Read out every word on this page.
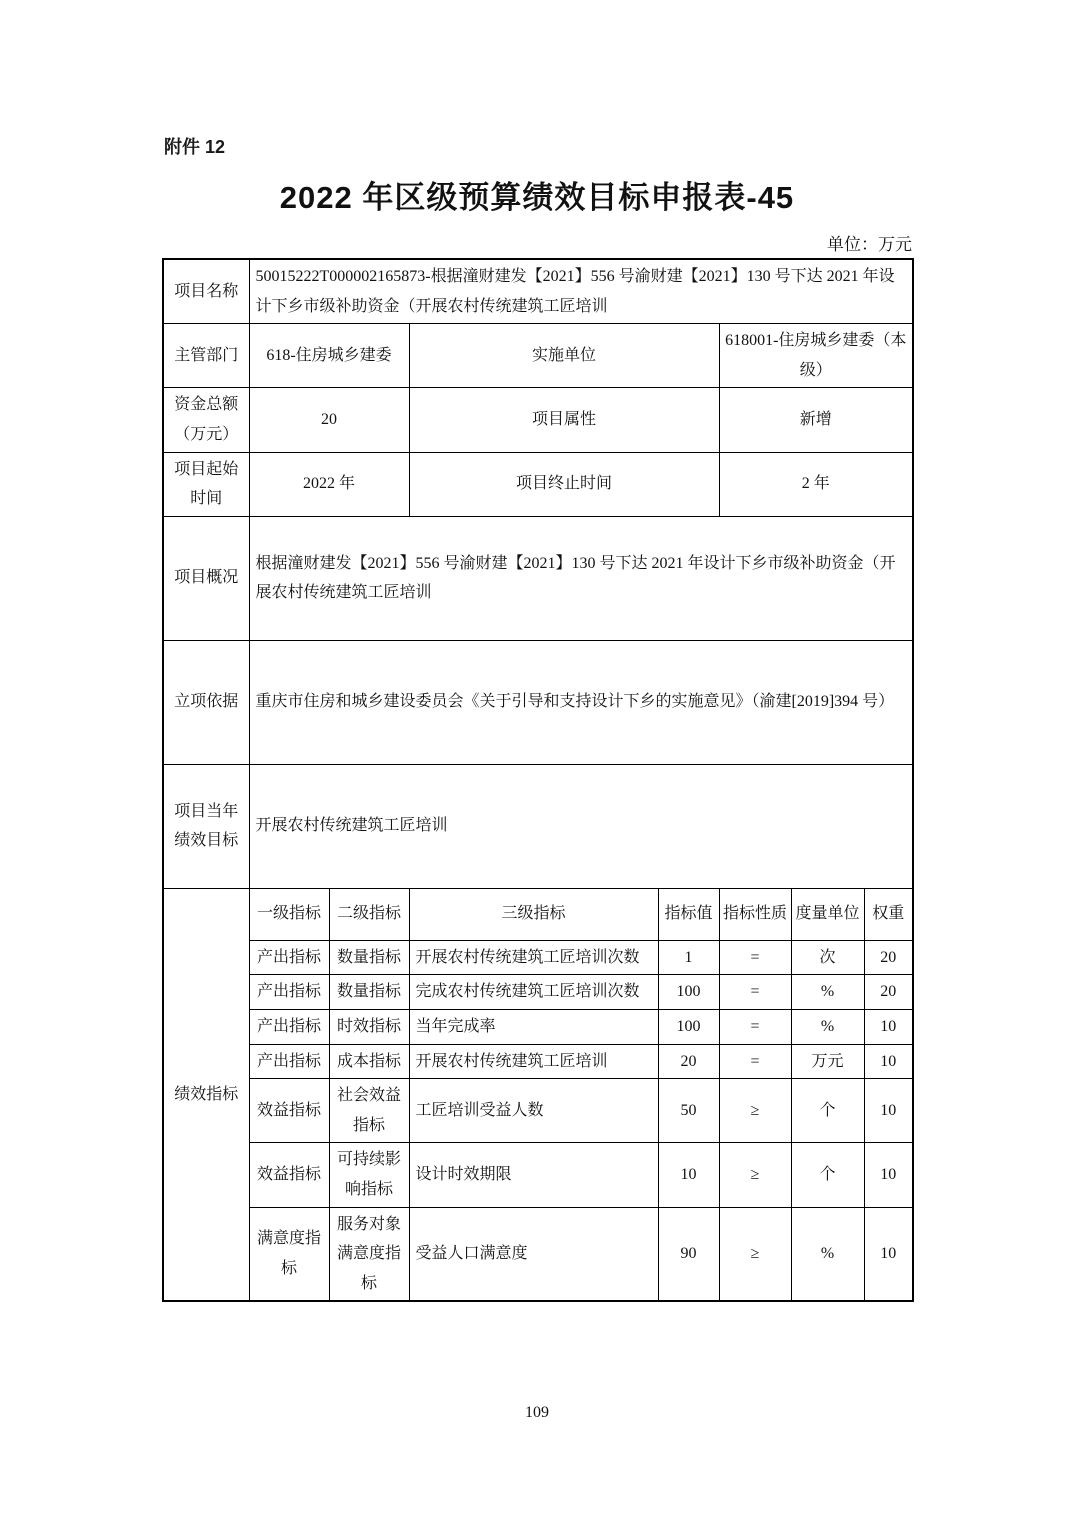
附件 12
2022 年区级预算绩效目标申报表-45
单位：万元
项目名称	50015222T000002165873-根据潼财建发【2021】556 号渝财建【2021】130 号下达 2021 年设计下乡市级补助资金（开展农村传统建筑工匠培训						
主管部门	618-住房城乡建委		实施单位		618001-住房城乡建委（本级）		
资金总额（万元）	20		项目属性		新增		
项目起始时间	2022 年		项目终止时间		2 年		
项目概况	根据潼财建发【2021】556 号渝财建【2021】130 号下达 2021 年设计下乡市级补助资金（开展农村传统建筑工匠培训						
立项依据	重庆市住房和城乡建设委员会《关于引导和支持设计下乡的实施意见》（渝建[2019]394 号）						
项目当年绩效目标	开展农村传统建筑工匠培训						
绩效指标	一级指标	二级指标	三级指标	指标值	指标性质	度量单位	权重
	产出指标	数量指标	开展农村传统建筑工匠培训次数	1	=	次	20
	产出指标	数量指标	完成农村传统建筑工匠培训次数	100	=	%	20
	产出指标	时效指标	当年完成率	100	=	%	10
	产出指标	成本指标	开展农村传统建筑工匠培训	20	=	万元	10
	效益指标	社会效益指标	工匠培训受益人数	50	≥	个	10
	效益指标	可持续影响指标	设计时效期限	10	≥	个	10
	满意度指标	服务对象满意度指标	受益人口满意度	90	≥	%	10
109
